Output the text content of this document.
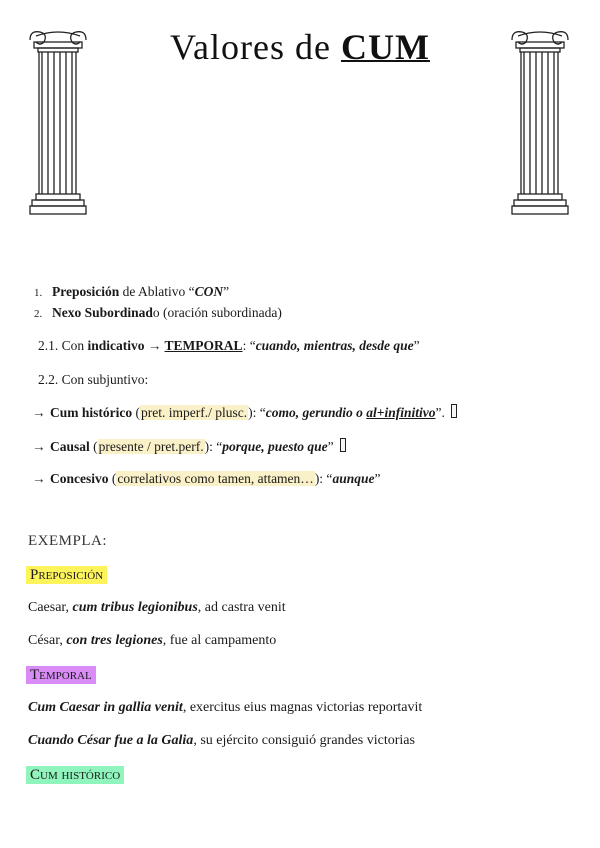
Valores de CUM
1. Preposición de Ablativo “CON”
2. Nexo Subordinado (oración subordinada)
2.1. Con indicativo → TEMPORAL: “cuando, mientras, desde que”
2.2. Con subjuntivo:
→ Cum histórico (pret. imperf./ plusc.): “como, gerundio o al+infinitivo”.
→ Causal (presente / pret.perf.): “porque, puesto que”
→ Concesivo (correlativos como tamen, attamen…): “aunque”
EXEMPLA:
Preposición
Caesar, cum tribus legionibus, ad castra venit
César, con tres legiones, fue al campamento
Temporal
Cum Caesar in gallia venit, exercitus eius magnas victorias reportavit
Cuando César fue a la Galia, su ejército consiguió grandes victorias
Cum histórico
